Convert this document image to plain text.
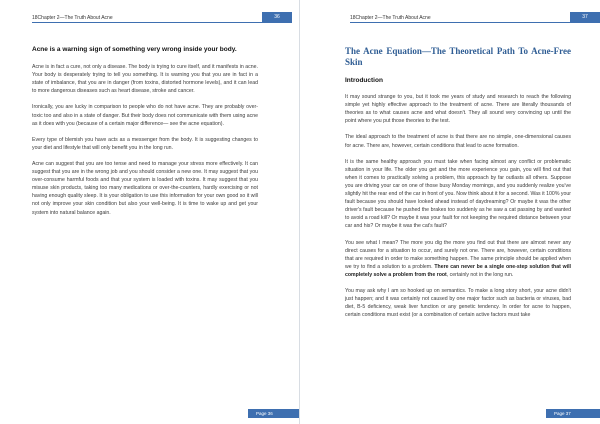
18Chapter 2—The Truth About Acne	36
Acne is a warning sign of something very wrong inside your body.

Acne is in fact a cure, not only a disease. The body is trying to cure itself, and it manifests in acne. Your body is desperately trying to tell you something. It is warning you that you are in fact in a state of imbalance, that you are in danger (from toxins, distorted hormone levels), and it can lead to more dangerous diseases such as heart disease, stroke and cancer.

Ironically, you are lucky in comparison to people who do not have acne. They are probably over-toxic too and also in a state of danger. But their body does not communicate with them using acne as it does with you (because of a certain major difference— see the acne equation).

Every type of blemish you have acts as a messenger from the body. It is suggesting changes to your diet and lifestyle that will only benefit you in the long run.

Acne can suggest that you are too tense and need to manage your stress more effectively. It can suggest that you are in the wrong job and you should consider a new one. It may suggest that you over-consume harmful foods and that your system is loaded with toxins. It may suggest that you misuse skin products, taking too many medications or over-the-counters, hardly exercising or not having enough quality sleep. It is your obligation to use this information for your own good so it will not only improve your skin condition but also your well-being. It is time to wake up and get your system into natural balance again.

Page 36
18Chapter 2—The Truth About Acne	37
The Acne Equation—The Theoretical Path To Acne-Free Skin
Introduction

It may sound strange to you, but it took me years of study and research to reach the following simple yet highly effective approach to the treatment of acne. There are literally thousands of theories as to what causes acne and what doesn't. They all sound very convincing up until the point where you put those theories to the test.

The ideal approach to the treatment of acne is that there are no simple, one-dimensional causes for acne. There are, however, certain conditions that lead to acne formation.

It is the same healthy approach you must take when facing almost any conflict or problematic situation in your life. The older you get and the more experience you gain, you will find out that when it comes to practically solving a problem, this approach by far outlasts all others. Suppose you are driving your car on one of those busy Monday mornings, and you suddenly realize you've slightly hit the rear end of the car in front of you. Now think about it for a second. Was it 100% your fault because you should have looked ahead instead of daydreaming? Or maybe it was the other driver's fault because he pushed the brakes too suddenly as he saw a cat passing by and wanted to avoid a road kill? Or maybe it was your fault for not keeping the required distance between your car and his? Or maybe it was the cat's fault?

You see what I mean? The more you dig the more you find out that there are almost never any direct causes for a situation to occur, and surely not one. There are, however, certain conditions that are required in order to make something happen. The same principle should be applied when we try to find a solution to a problem. There can never be a single one-step solution that will completely solve a problem from the root, certainly not in the long run.

You may ask why I am so hooked up on semantics. To make a long story short, your acne didn't just happen; and it was certainly not caused by one major factor such as bacteria or viruses, bad diet, B-5 deficiency, weak liver function or any genetic tendency. In order for acne to happen, certain conditions must exist (or a combination of certain active factors must take

Page 37
